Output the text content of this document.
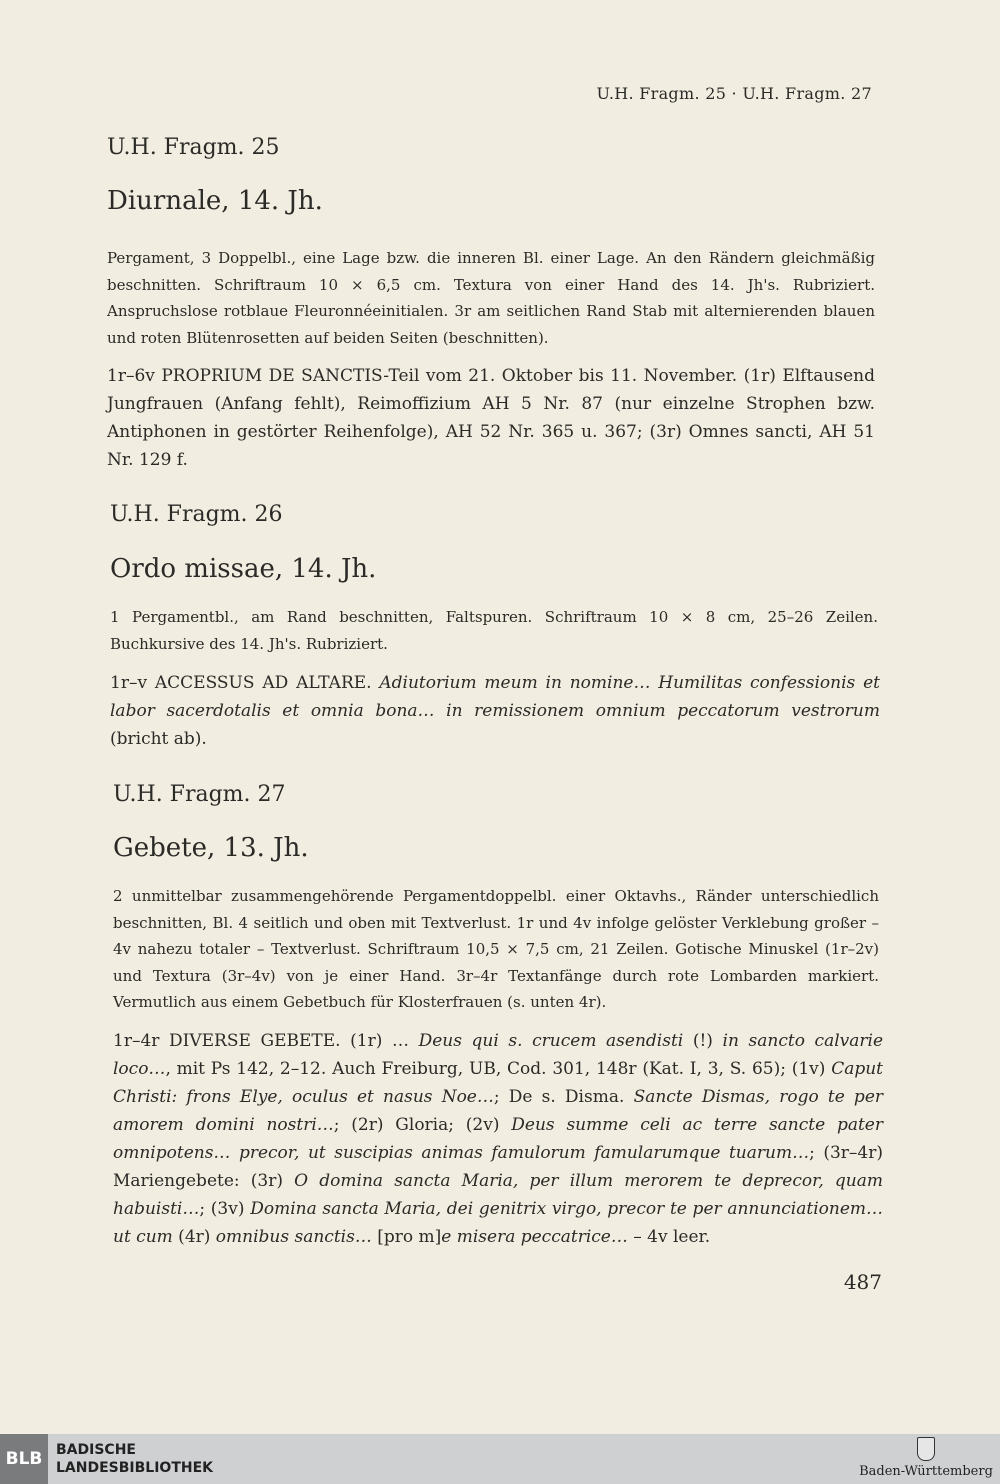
U.H. Fragm. 25 · U.H. Fragm. 27
U.H. Fragm. 25
Diurnale, 14. Jh.
Pergament, 3 Doppelbl., eine Lage bzw. die inneren Bl. einer Lage. An den Rändern gleichmäßig beschnitten. Schriftraum 10 × 6,5 cm. Textura von einer Hand des 14. Jh's. Rubriziert. Anspruchslose rotblaue Fleuronnéeinitialen. 3r am seitlichen Rand Stab mit alternierenden blauen und roten Blütenrosetten auf beiden Seiten (beschnitten).
1r–6v PROPRIUM DE SANCTIS-Teil vom 21. Oktober bis 11. November. (1r) Elftausend Jungfrauen (Anfang fehlt), Reimoffizium AH 5 Nr. 87 (nur einzelne Strophen bzw. Antiphonen in gestörter Reihenfolge), AH 52 Nr. 365 u. 367; (3r) Omnes sancti, AH 51 Nr. 129 f.
U.H. Fragm. 26
Ordo missae, 14. Jh.
1 Pergamentbl., am Rand beschnitten, Faltspuren. Schriftraum 10 × 8 cm, 25–26 Zeilen. Buchkursive des 14. Jh's. Rubriziert.
1r–v ACCESSUS AD ALTARE. Adiutorium meum in nomine… Humilitas confessionis et labor sacerdotalis et omnia bona… in remissionem omnium peccatorum vestrorum (bricht ab).
U.H. Fragm. 27
Gebete, 13. Jh.
2 unmittelbar zusammengehörende Pergamentdoppelbl. einer Oktavhs., Ränder unterschiedlich beschnitten, Bl. 4 seitlich und oben mit Textverlust. 1r und 4v infolge gelöster Verklebung großer – 4v nahezu totaler – Textverlust. Schriftraum 10,5 × 7,5 cm, 21 Zeilen. Gotische Minuskel (1r–2v) und Textura (3r–4v) von je einer Hand. 3r–4r Textanfänge durch rote Lombarden markiert. Vermutlich aus einem Gebetbuch für Klosterfrauen (s. unten 4r).
1r–4r DIVERSE GEBETE. (1r) … Deus qui s. crucem asendisti (!) in sancto calvarie loco…, mit Ps 142, 2–12. Auch Freiburg, UB, Cod. 301, 148r (Kat. I, 3, S. 65); (1v) Caput Christi: frons Elye, oculus et nasus Noe…; De s. Disma. Sancte Dismas, rogo te per amorem domini nostri…; (2r) Gloria; (2v) Deus summe celi ac terre sancte pater omnipotens… precor, ut suscipias animas famulorum famularumque tuarum…; (3r–4r) Mariengebete: (3r) O domina sancta Maria, per illum merorem te deprecor, quam habuisti…; (3v) Domina sancta Maria, dei genitrix virgo, precor te per annunciationem… ut cum (4r) omnibus sanctis… [pro m]e misera peccatrice… – 4v leer.
487
BLB BADISCHE
LANDESBIBLIOTHEK	Baden-Württemberg
